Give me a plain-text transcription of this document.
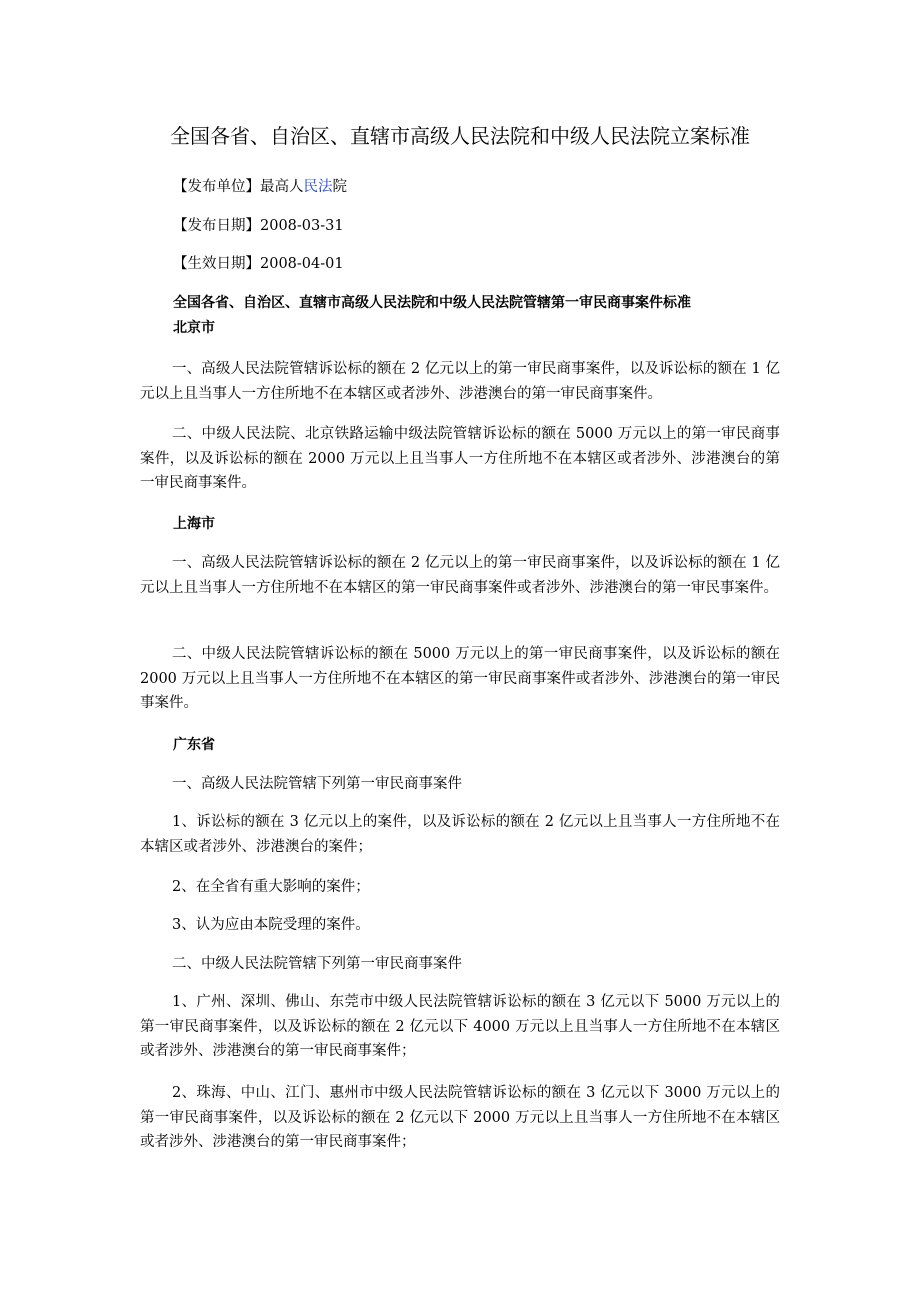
全国各省、自治区、直辖市高级人民法院和中级人民法院立案标准
【发布单位】最高人民法院
【发布日期】2008-03-31
【生效日期】2008-04-01
全国各省、自治区、直辖市高级人民法院和中级人民法院管辖第一审民商事案件标准
北京市
一、高级人民法院管辖诉讼标的额在 2 亿元以上的第一审民商事案件，以及诉讼标的额在 1 亿元以上且当事人一方住所地不在本辖区或者涉外、涉港澳台的第一审民商事案件。
二、中级人民法院、北京铁路运输中级法院管辖诉讼标的额在 5000 万元以上的第一审民商事案件，以及诉讼标的额在 2000 万元以上且当事人一方住所地不在本辖区或者涉外、涉港澳台的第一审民商事案件。
上海市
一、高级人民法院管辖诉讼标的额在 2 亿元以上的第一审民商事案件，以及诉讼标的额在 1 亿元以上且当事人一方住所地不在本辖区的第一审民商事案件或者涉外、涉港澳台的第一审民事案件。
二、中级人民法院管辖诉讼标的额在 5000 万元以上的第一审民商事案件，以及诉讼标的额在 2000 万元以上且当事人一方住所地不在本辖区的第一审民商事案件或者涉外、涉港澳台的第一审民事案件。
广东省
一、高级人民法院管辖下列第一审民商事案件
1、诉讼标的额在 3 亿元以上的案件，以及诉讼标的额在 2 亿元以上且当事人一方住所地不在本辖区或者涉外、涉港澳台的案件；
2、在全省有重大影响的案件；
3、认为应由本院受理的案件。
二、中级人民法院管辖下列第一审民商事案件
1、广州、深圳、佛山、东莞市中级人民法院管辖诉讼标的额在 3 亿元以下 5000 万元以上的第一审民商事案件，以及诉讼标的额在 2 亿元以下 4000 万元以上且当事人一方住所地不在本辖区或者涉外、涉港澳台的第一审民商事案件；
2、珠海、中山、江门、惠州市中级人民法院管辖诉讼标的额在 3 亿元以下 3000 万元以上的第一审民商事案件，以及诉讼标的额在 2 亿元以下 2000 万元以上且当事人一方住所地不在本辖区或者涉外、涉港澳台的第一审民商事案件；
